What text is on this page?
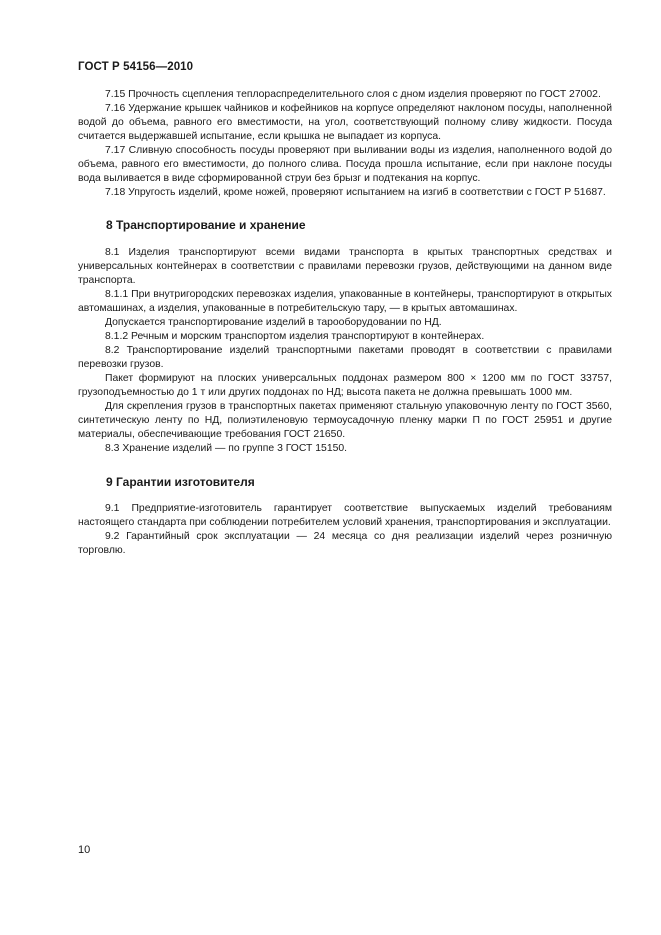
ГОСТ Р 54156—2010

7.15 Прочность сцепления теплораспределительного слоя с дном изделия проверяют по ГОСТ 27002.

7.16 Удержание крышек чайников и кофейников на корпусе определяют наклоном посуды, наполненной водой до объема, равного его вместимости, на угол, соответствующий полному сливу жидкости. Посуда считается выдержавшей испытание, если крышка не выпадает из корпуса.

7.17 Сливную способность посуды проверяют при выливании воды из изделия, наполненного водой до объема, равного его вместимости, до полного слива. Посуда прошла испытание, если при наклоне посуды вода выливается в виде сформированной струи без брызг и подтекания на корпус.

7.18 Упругость изделий, кроме ножей, проверяют испытанием на изгиб в соответствии с ГОСТ Р 51687.

8 Транспортирование и хранение

8.1 Изделия транспортируют всеми видами транспорта в крытых транспортных средствах и универсальных контейнерах в соответствии с правилами перевозки грузов, действующими на данном виде транспорта.

8.1.1 При внутригородских перевозках изделия, упакованные в контейнеры, транспортируют в открытых автомашинах, а изделия, упакованные в потребительскую тару, — в крытых автомашинах.

Допускается транспортирование изделий в тарооборудовании по НД.

8.1.2 Речным и морским транспортом изделия транспортируют в контейнерах.

8.2 Транспортирование изделий транспортными пакетами проводят в соответствии с правилами перевозки грузов.

Пакет формируют на плоских универсальных поддонах размером 800 × 1200 мм по ГОСТ 33757, грузоподъемностью до 1 т или других поддонах по НД; высота пакета не должна превышать 1000 мм.

Для скрепления грузов в транспортных пакетах применяют стальную упаковочную ленту по ГОСТ 3560, синтетическую ленту по НД, полиэтиленовую термоусадочную пленку марки П по ГОСТ 25951 и другие материалы, обеспечивающие требования ГОСТ 21650.

8.3 Хранение изделий — по группе 3 ГОСТ 15150.

9 Гарантии изготовителя

9.1 Предприятие-изготовитель гарантирует соответствие выпускаемых изделий требованиям настоящего стандарта при соблюдении потребителем условий хранения, транспортирования и эксплуатации.

9.2 Гарантийный срок эксплуатации — 24 месяца со дня реализации изделий через розничную торговлю.

10
